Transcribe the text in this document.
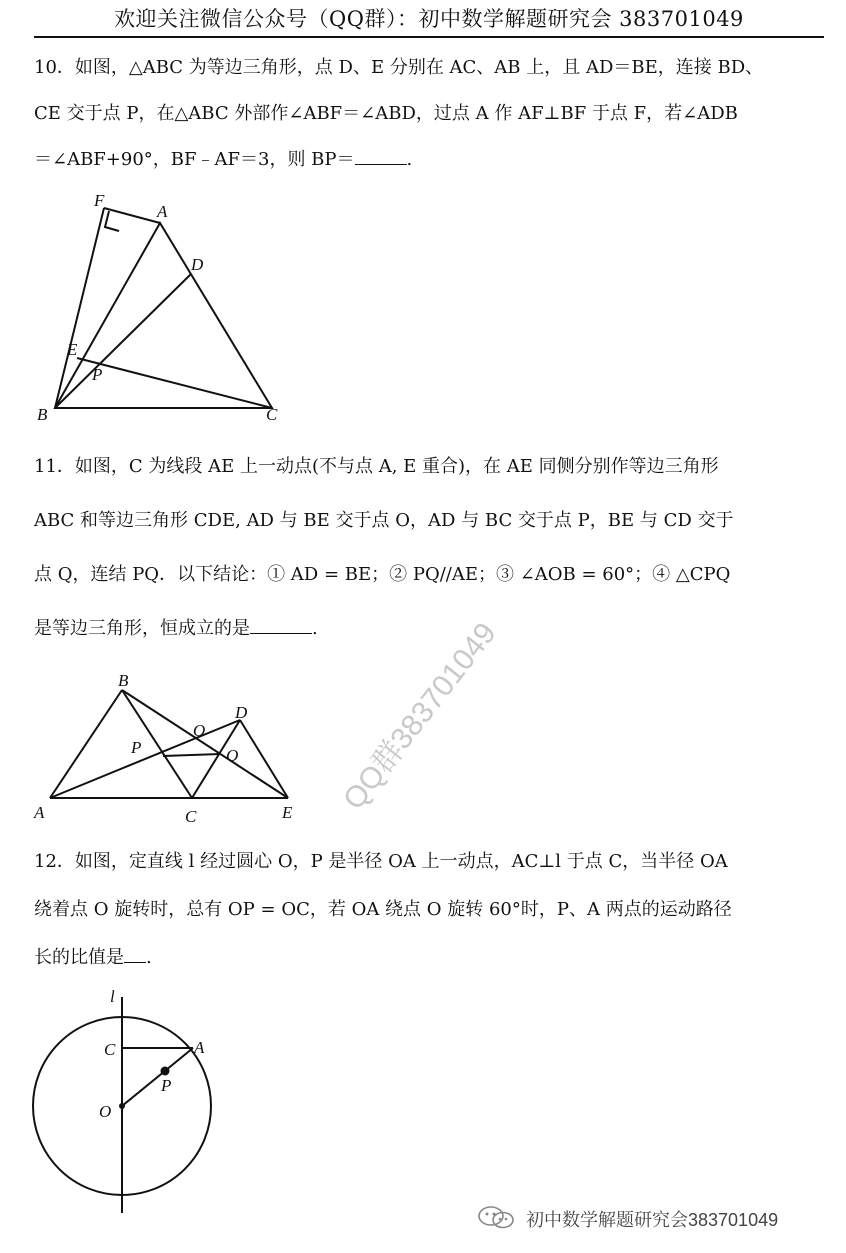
欢迎关注微信公众号（QQ群）：初中数学解题研究会 383701049

10．如图，△ABC 为等边三角形，点 D、E 分别在 AC、AB 上，且 AD＝BE，连接 BD、

CE 交于点 P，在△ABC 外部作∠ABF＝∠ABD，过点 A 作 AF⊥BF 于点 F，若∠ADB

＝∠ABF+90°，BF﹣AF＝3，则 BP＝	.

F
A
D
E
P
B	C

11．如图，C 为线段 AE 上一动点(不与点 A, E 重合)，在 AE 同侧分别作等边三角形

ABC 和等边三角形 CDE, AD 与 BE 交于点 O，AD 与 BC 交于点 P，BE 与 CD 交于

点 Q，连结 PQ．以下结论：① AD = BE；② PQ//AE；③ ∠AOB = 60°；④ △CPQ

是等边三角形，恒成立的是	.

B
O
D
P	Q
A	C	E QQ群383701049

12．如图，定直线 l 经过圆心 O，P 是半径 OA 上一动点，AC⊥l 于点 C，当半径 OA

绕着点 O 旋转时，总有 OP = OC，若 OA 绕点 O 旋转 60°时，P、A 两点的运动路径

长的比值是 .

l
C	A
P
O
初中数学解题研究会383701049
